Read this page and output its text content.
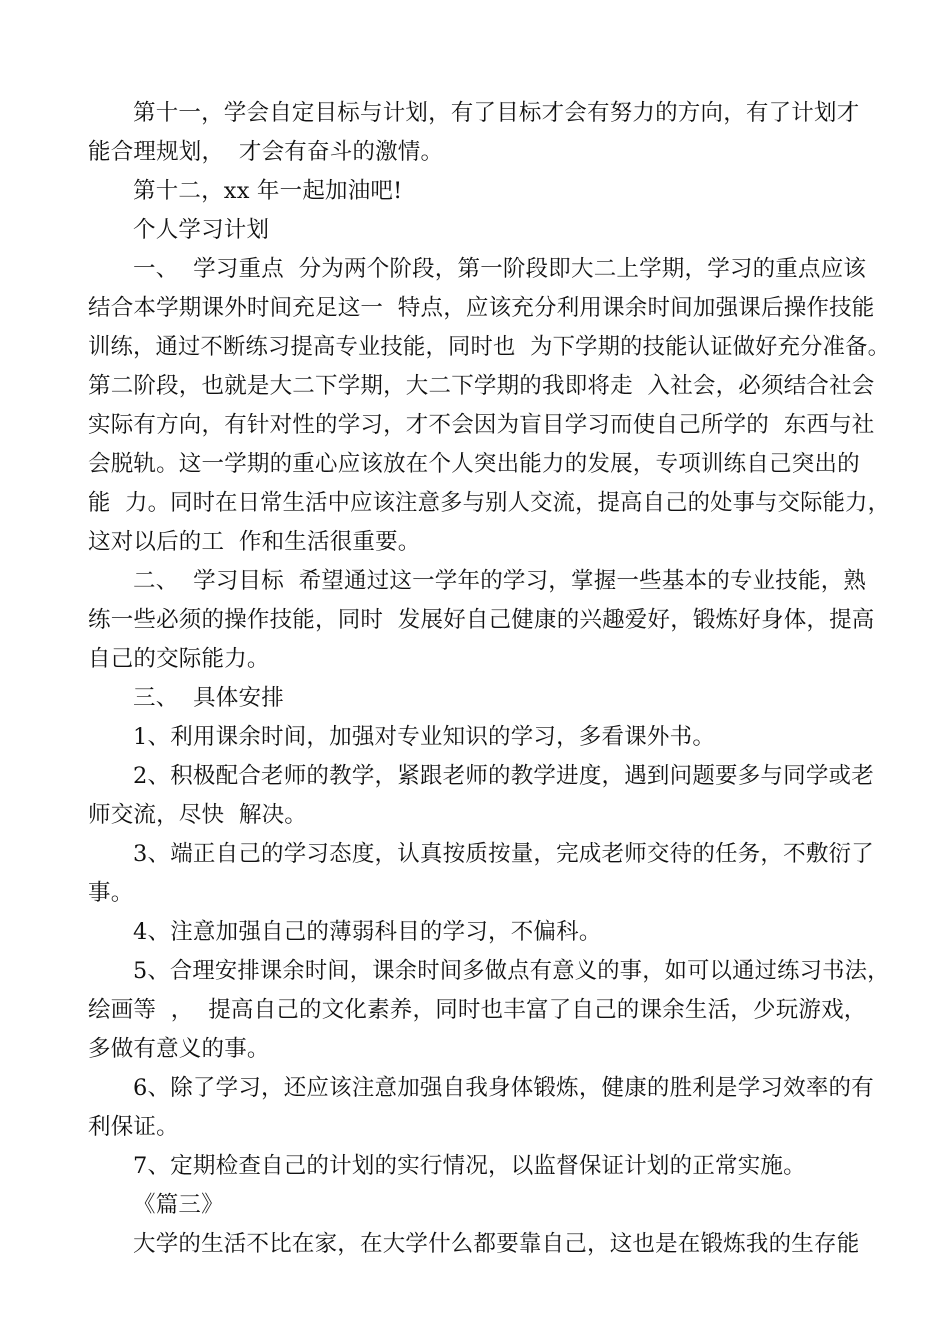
第十一，学会自定目标与计划，有了目标才会有努力的方向，有了计划才
能合理规划，  才会有奋斗的激情。
第十二，xx 年一起加油吧!
个人学习计划
一、  学习重点  分为两个阶段，第一阶段即大二上学期，学习的重点应该
结合本学期课外时间充足这一  特点，应该充分利用课余时间加强课后操作技能
训练，通过不断练习提高专业技能，同时也  为下学期的技能认证做好充分准备。
第二阶段，也就是大二下学期，大二下学期的我即将走  入社会，必须结合社会
实际有方向，有针对性的学习，才不会因为盲目学习而使自己所学的  东西与社
会脱轨。这一学期的重心应该放在个人突出能力的发展，专项训练自己突出的
能  力。同时在日常生活中应该注意多与别人交流，提高自己的处事与交际能力，
这对以后的工  作和生活很重要。
二、  学习目标  希望通过这一学年的学习，掌握一些基本的专业技能，熟
练一些必须的操作技能，同时  发展好自己健康的兴趣爱好，锻炼好身体，提高
自己的交际能力。
三、  具体安排
1、利用课余时间，加强对专业知识的学习，多看课外书。
2、积极配合老师的教学，紧跟老师的教学进度，遇到问题要多与同学或老
师交流，尽快  解决。
3、端正自己的学习态度，认真按质按量，完成老师交待的任务，不敷衍了
事。
4、注意加强自己的薄弱科目的学习，不偏科。
5、合理安排课余时间，课余时间多做点有意义的事，如可以通过练习书法，
绘画等  ，  提高自己的文化素养，同时也丰富了自己的课余生活，少玩游戏，
多做有意义的事。
6、除了学习，还应该注意加强自我身体锻炼，健康的胜利是学习效率的有
利保证。
7、定期检查自己的计划的实行情况，以监督保证计划的正常实施。
《篇三》
大学的生活不比在家，在大学什么都要靠自己，这也是在锻炼我的生存能
